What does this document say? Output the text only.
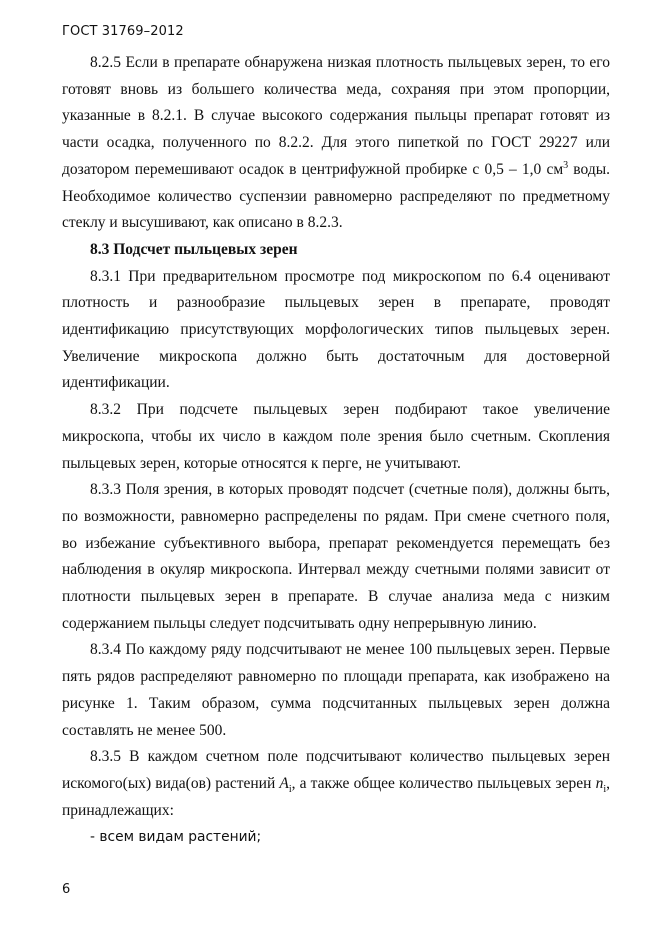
ГОСТ 31769–2012

8.2.5 Если в препарате обнаружена низкая плотность пыльцевых зерен, то его готовят вновь из большего количества меда, сохраняя при этом пропорции, указанные в 8.2.1. В случае высокого содержания пыльцы препарат готовят из части осадка, полученного по 8.2.2. Для этого пипеткой по ГОСТ 29227 или дозатором перемешивают осадок в центрифужной пробирке с 0,5 – 1,0 $см^3$ воды. Необходимое количество суспензии равномерно распределяют по предметному стеклу и высушивают, как описано в 8.2.3.

8.3 Подсчет пыльцевых зерен

8.3.1 При предварительном просмотре под микроскопом по 6.4 оценивают плотность и разнообразие пыльцевых зерен в препарате, проводят идентификацию присутствующих морфологических типов пыльцевых зерен. Увеличение микроскопа должно быть достаточным для достоверной идентификации.

8.3.2 При подсчете пыльцевых зерен подбирают такое увеличение микроскопа, чтобы их число в каждом поле зрения было счетным. Скопления пыльцевых зерен, которые относятся к перге, не учитывают.

8.3.3 Поля зрения, в которых проводят подсчет (счетные поля), должны быть, по возможности, равномерно распределены по рядам. При смене счетного поля, во избежание субъективного выбора, препарат рекомендуется перемещать без наблюдения в окуляр микроскопа. Интервал между счетными полями зависит от плотности пыльцевых зерен в препарате. В случае анализа меда с низким содержанием пыльцы следует подсчитывать одну непрерывную линию.

8.3.4 По каждому ряду подсчитывают не менее 100 пыльцевых зерен. Первые пять рядов распределяют равномерно по площади препарата, как изображено на рисунке 1. Таким образом, сумма подсчитанных пыльцевых зерен должна составлять не менее 500.

8.3.5 В каждом счетном поле подсчитывают количество пыльцевых зерен искомого(ых) вида(ов) растений $A_i$, а также общее количество пыльцевых зерен $n_i$, принадлежащих:

- всем видам растений;
6
